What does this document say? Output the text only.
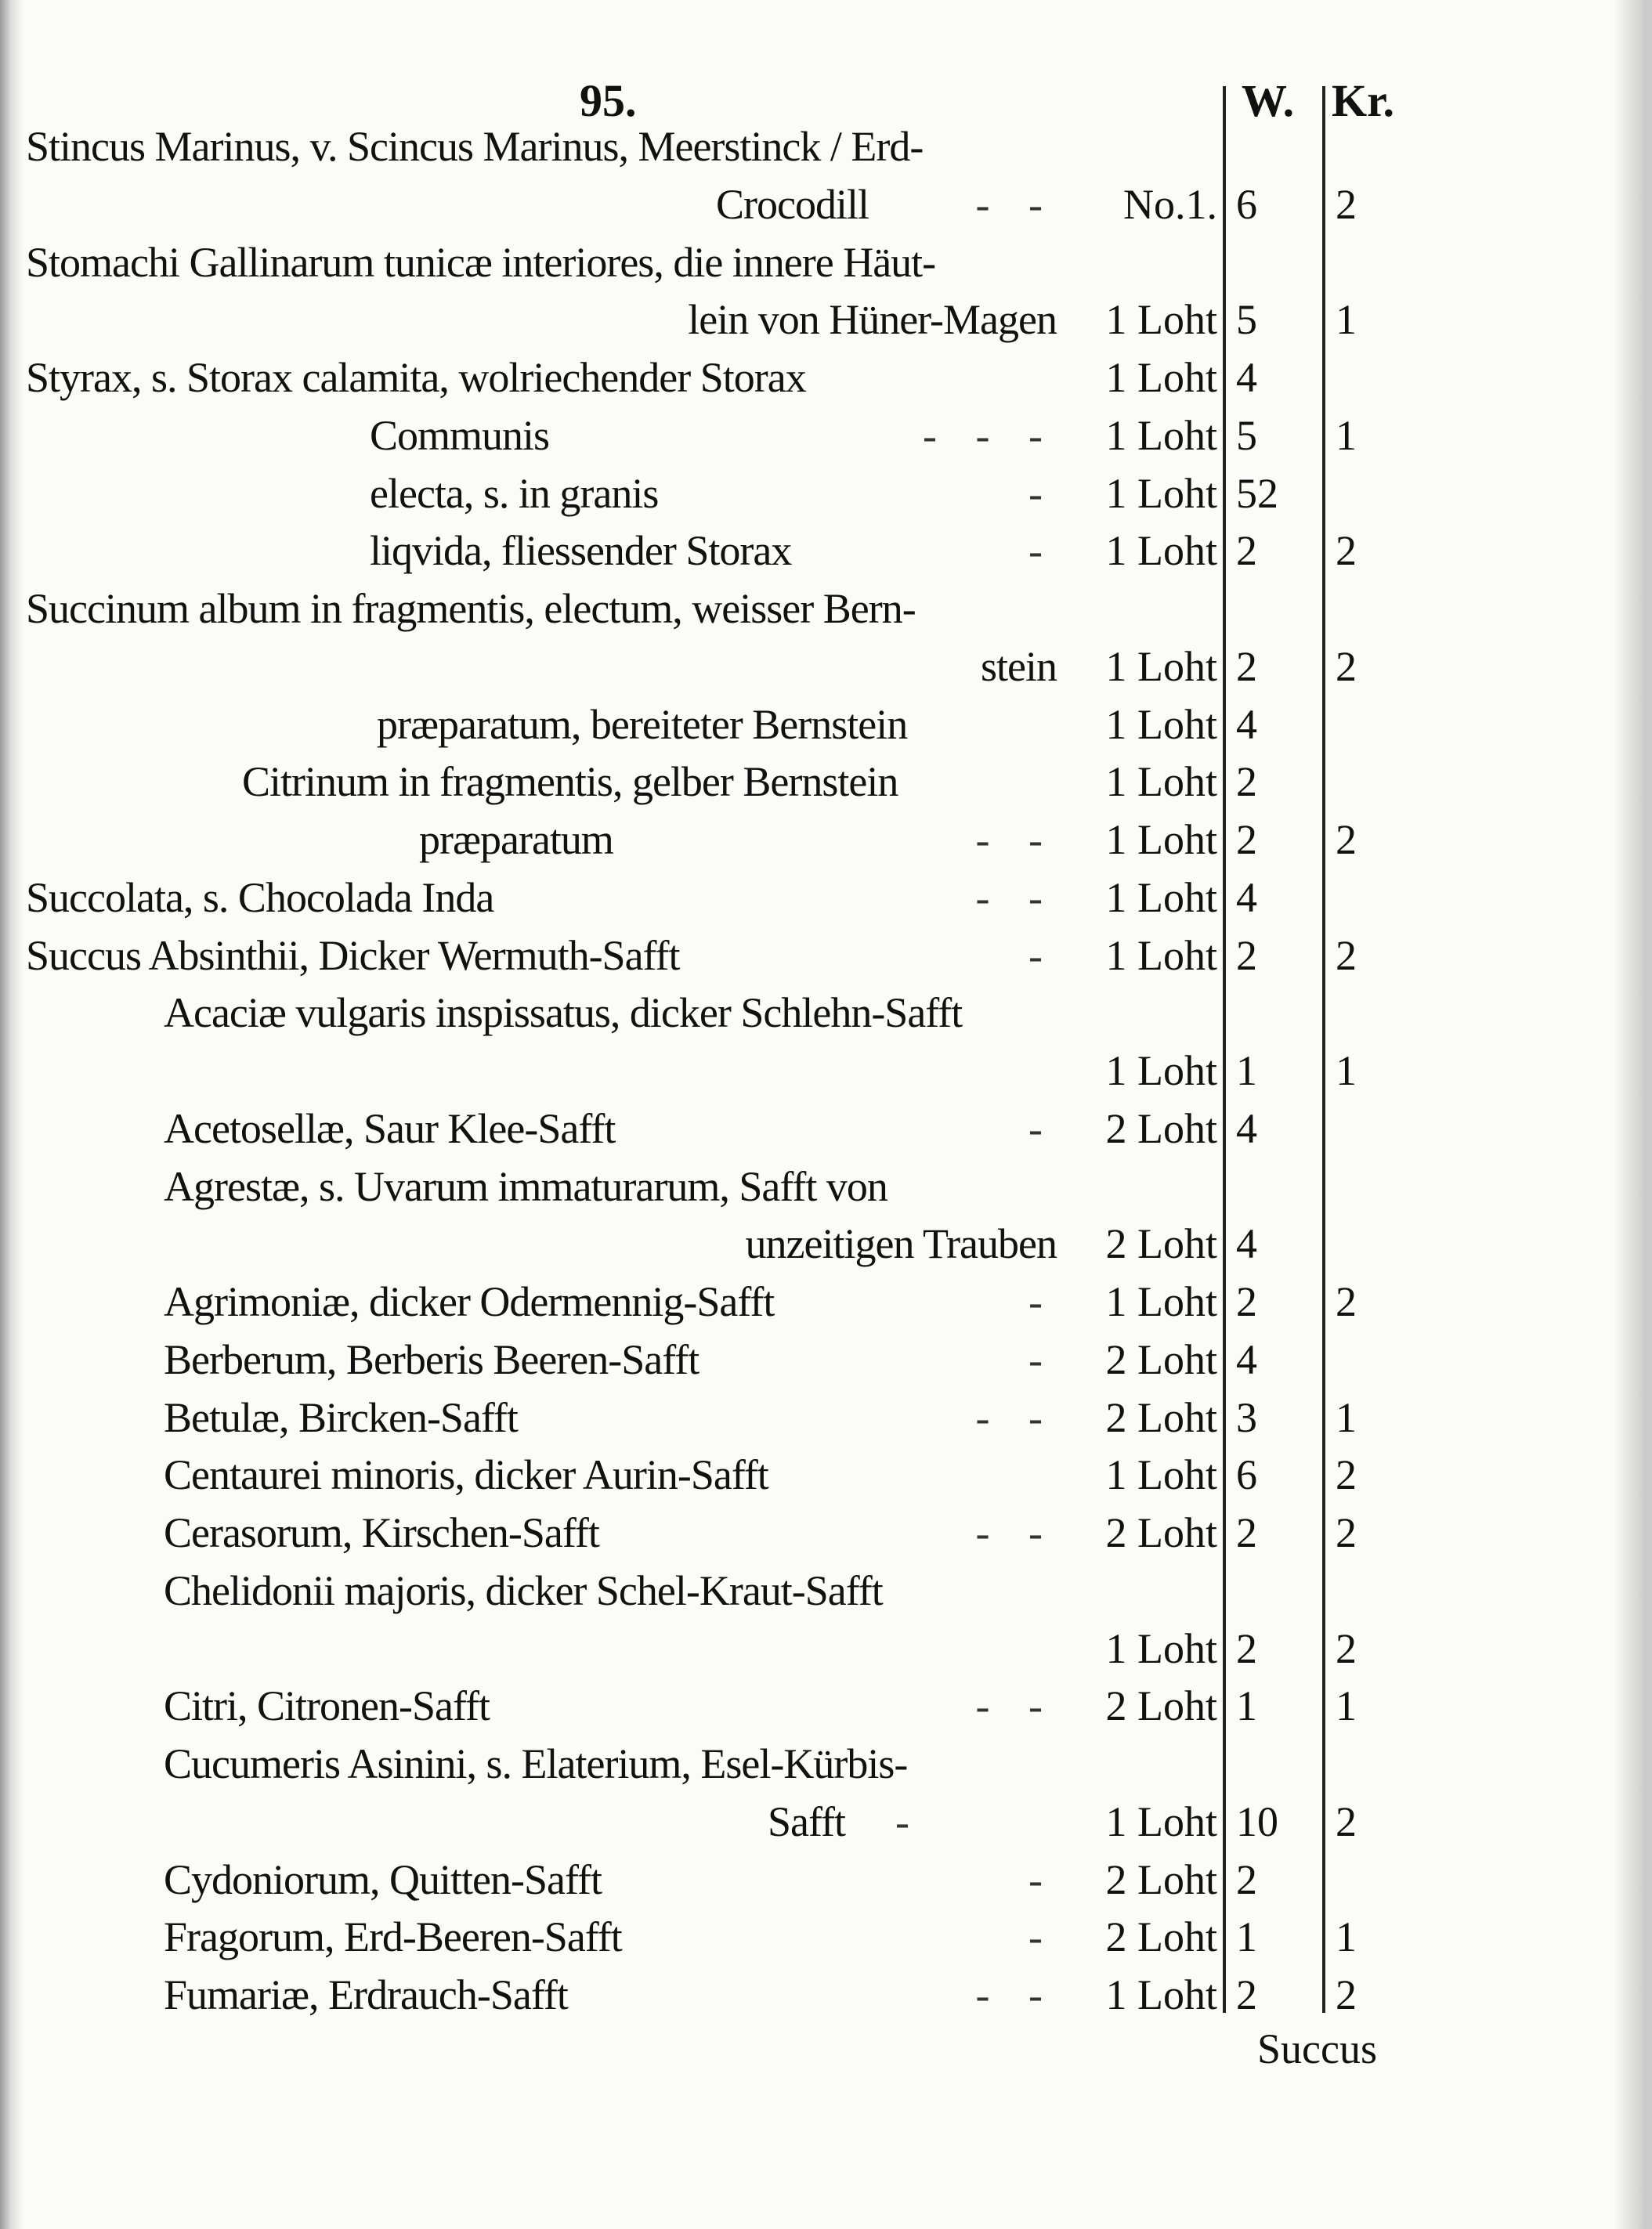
95.	W. Kr.
Stincus Marinus, v. Scincus Marinus, Meerstinck / Erd-
Crocodill	- - No.1. 6	2
Stomachi Gallinarum tunicæ interiores, die innere Häut-
lein von Hüner-Magen 1 Loht 5	1
Styrax, s. Storax calamita, wolriechender Storax	1 Loht 4
Communis	- - - 1 Loht 5	1
electa, s. in granis	- 1 Loht 52
liqvida, fliessender Storax	- 1 Loht 2	2
Succinum album in fragmentis, electum, weisser Bern-
stein 1 Loht 2	2
præparatum, bereiteter Bernstein	1 Loht 4
Citrinum in fragmentis, gelber Bernstein	1 Loht 2
præparatum	- - 1 Loht 2	2
Succolata, s. Chocolada Inda	- - 1 Loht 4
Succus Absinthii, Dicker Wermuth-Safft	- 1 Loht 2	2
Acaciæ vulgaris inspissatus, dicker Schlehn-Safft
1 Loht 1	1
Acetosellæ, Saur Klee-Safft	- 2 Loht 4
Agrestæ, s. Uvarum immaturarum, Safft von
unzeitigen Trauben 2 Loht 4
Agrimoniæ, dicker Odermennig-Safft	- 1 Loht 2	2
Berberum, Berberis Beeren-Safft	- 2 Loht 4
Betulæ, Bircken-Safft	- - 2 Loht 3	1
Centaurei minoris, dicker Aurin-Safft	1 Loht 6	2
Cerasorum, Kirschen-Safft	- - 2 Loht 2	2
Chelidonii majoris, dicker Schel-Kraut-Safft
1 Loht 2	2
Citri, Citronen-Safft	- - 2 Loht 1	1
Cucumeris Asinini, s. Elaterium, Esel-Kürbis-
Safft -	1 Loht 10	2
Cydoniorum, Quitten-Safft	- 2 Loht 2
Fragorum, Erd-Beeren-Safft	- 2 Loht 1	1
Fumariæ, Erdrauch-Safft	- - 1 Loht 2	2
Succus
